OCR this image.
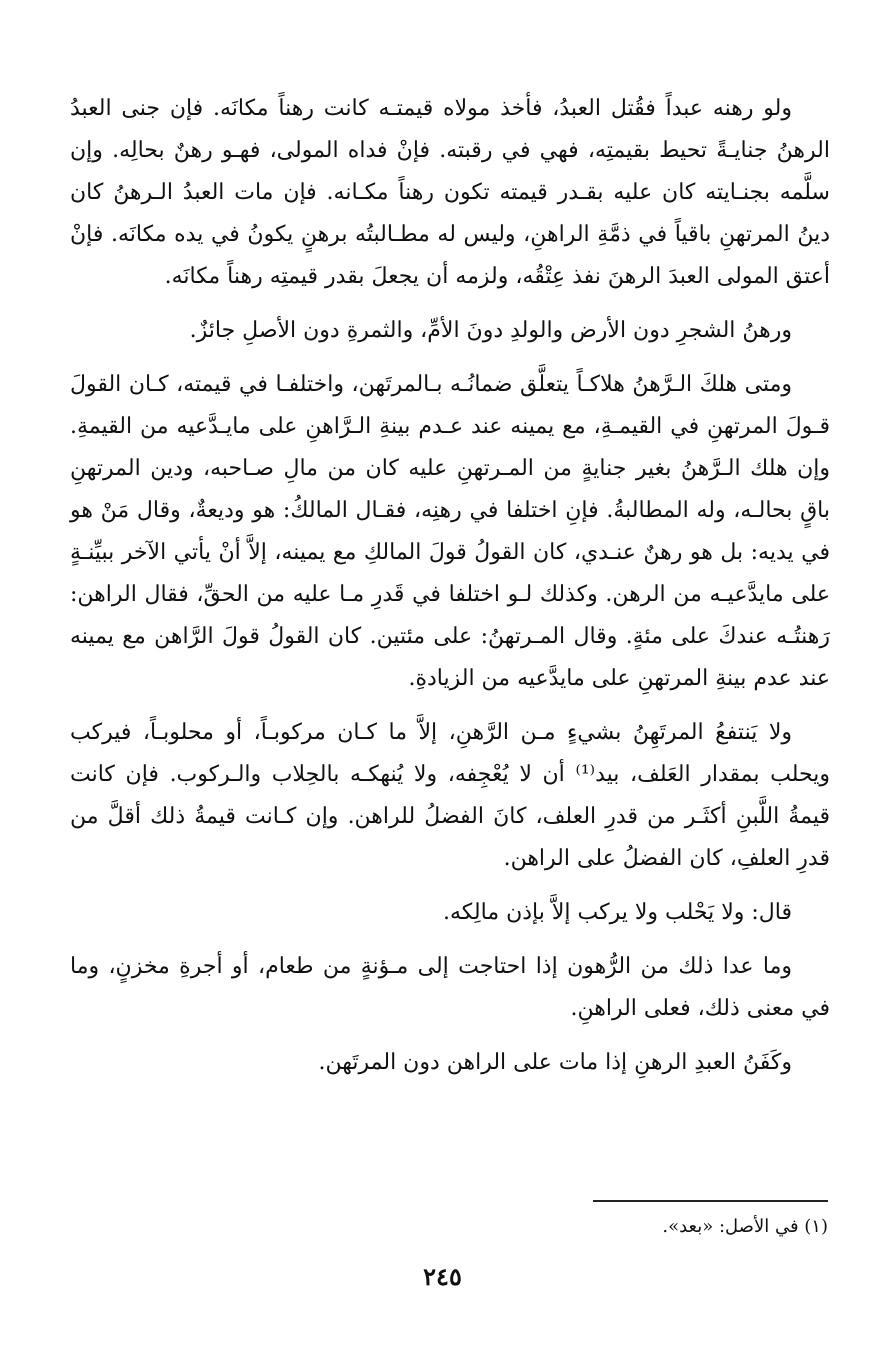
ولو رهنه عبداً فقُتل العبدُ، فأخذ مولاه قيمتـه كانت رهناً مكانَه. فإن جنى العبدُ الرهنُ جنايـةً تحيط بقيمتِه، فهي في رقبته. فإنْ فداه المولى، فهـو رهنٌ بحالِه. وإن سلَّمه بجنـايته كان عليه بقـدر قيمته تكون رهناً مكـانه. فإن مات العبدُ الـرهنُ كان دينُ المرتهنِ باقياً في ذمَّةِ الراهنِ، وليس له مطـالبتُه برهنٍ يكونُ في يده مكانَه. فإنْ أعتق المولى العبدَ الرهنَ نفذ عِتْقُه، ولزمه أن يجعلَ بقدر قيمتِه رهناً مكانَه.

ورهنُ الشجرِ دون الأرض والولدِ دونَ الأمِّ، والثمرةِ دون الأصلِ جائزٌ.

ومتى هلكَ الـرَّهنُ هلاكـاً يتعلَّق ضمانُـه بـالمرتَهن، واختلفـا في قيمته، كـان القولَ قـولَ المرتهنِ في القيمـةِ، مع يمينه عند عـدم بينةِ الـرَّاهنِ على مايـدَّعيه من القيمةِ. وإن هلك الـرَّهنُ بغير جنايةٍ من المـرتهنِ عليه كان من مالِ صـاحبه، ودين المرتهنِ باقٍ بحالـه، وله المطالبةُ. فإنِ اختلفا في رهنِه، فقـال المالكُ: هو وديعةٌ، وقال مَنْ هو في يديه: بل هو رهنٌ عنـدي، كان القولُ قولَ المالكِ مع يمينه، إلاَّ أنْ يأتي الآخر ببيِّنـةٍ على مايدَّعيـه من الرهن. وكذلك لـو اختلفا في قَدرِ مـا عليه من الحقِّ، فقال الراهن: رَهنتُـه عندكَ على مئةٍ. وقال المـرتهنُ: على مئتين. كان القولُ قولَ الرَّاهن مع يمينه عند عدم بينةِ المرتهنِ على مايدَّعيه من الزيادةِ.

ولا يَنتفعُ المرتَهِنُ بشيءٍ مـن الرَّهنِ، إلاَّ ما كـان مركوبـاً، أو محلوبـاً، فيركب ويحلب بمقدار العَلف، بيد⁽¹⁾ أن لا يُعْجِفه، ولا يُنهكـه بالحِلاب والـركوب. فإن كانت قيمةُ اللَّبنِ أكثَـر من قدرِ العلف، كانَ الفضلُ للراهن. وإن كـانت قيمةُ ذلك أقلَّ من قدرِ العلفِ، كان الفضلُ على الراهن.

قال: ولا يَحْلب ولا يركب إلاَّ بإذن مالِكه.

وما عدا ذلك من الرُّهون إذا احتاجت إلى مـؤنةٍ من طعام، أو أجرةِ مخزنٍ، وما في معنى ذلك، فعلى الراهنِ.

وكَفَنُ العبدِ الرهنِ إذا مات على الراهن دون المرتَهن.

(١) في الأصل: «بعد».
٢٤٥
